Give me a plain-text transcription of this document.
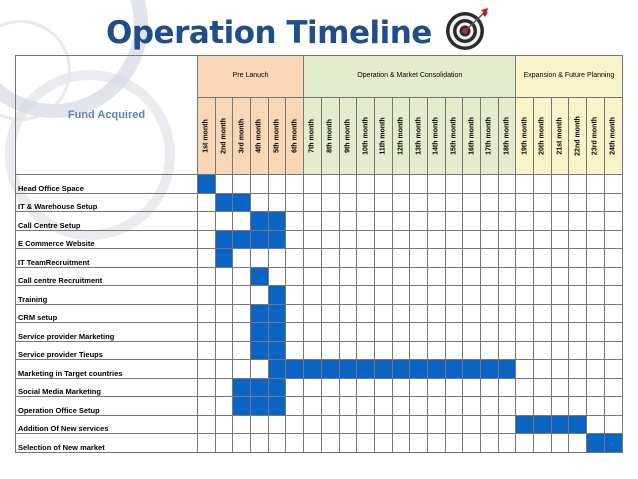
Operation Timeline
Fund Acquired	Pre Lanuch						Operation & Market Consolidation												Expansion & Future Planning					

	1st month	2nd month	3rd month	4th month	5th month	6th month	7th month	8th month	9th month	10th month	11th month	12th month	13th month	14th month	15th month	16th month	17th month	18th month	19th month	20th month	21st month	22nd month	23rd month	24th month

Head Office Space																								
IT & Warehouse Setup																								
Call Centre Setup																								
E Commerce Website																								
IT TeamRecruitment																								
Call centre Recruitment																								
Training																								
CRM setup																								
Service provider Marketing																								
Service provider Tieups																								
Marketing in Target countries																								
Social Media Marketing																								
Operation Office Setup																								
Addition Of New services																								
Selection of New market																								
